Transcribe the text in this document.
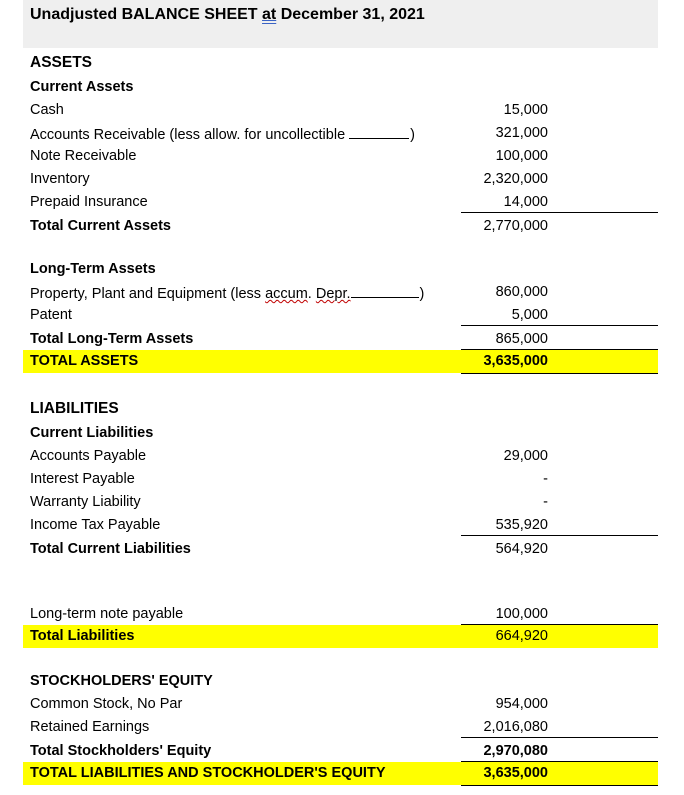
Unadjusted BALANCE SHEET at December 31, 2021
ASSETS
Current Assets
Cash	15,000
Accounts Receivable (less allow. for uncollectible	)	321,000
Note Receivable	100,000
Inventory	2,320,000
Prepaid Insurance	14,000
Total Current Assets	2,770,000
Long-Term Assets
Property, Plant and Equipment (less accum. Depr.	)	860,000
Patent	5,000
Total Long-Term Assets	865,000
TOTAL ASSETS	3,635,000
LIABILITIES
Current Liabilities
Accounts Payable	29,000
Interest Payable	-
Warranty Liability	-
Income Tax Payable	535,920
Total Current Liabilities	564,920
Long-term note payable	100,000
Total Liabilities	664,920
STOCKHOLDERS' EQUITY
Common Stock, No Par	954,000
Retained Earnings	2,016,080
Total Stockholders' Equity	2,970,080
TOTAL LIABILITIES AND STOCKHOLDER'S EQUITY	3,635,000
